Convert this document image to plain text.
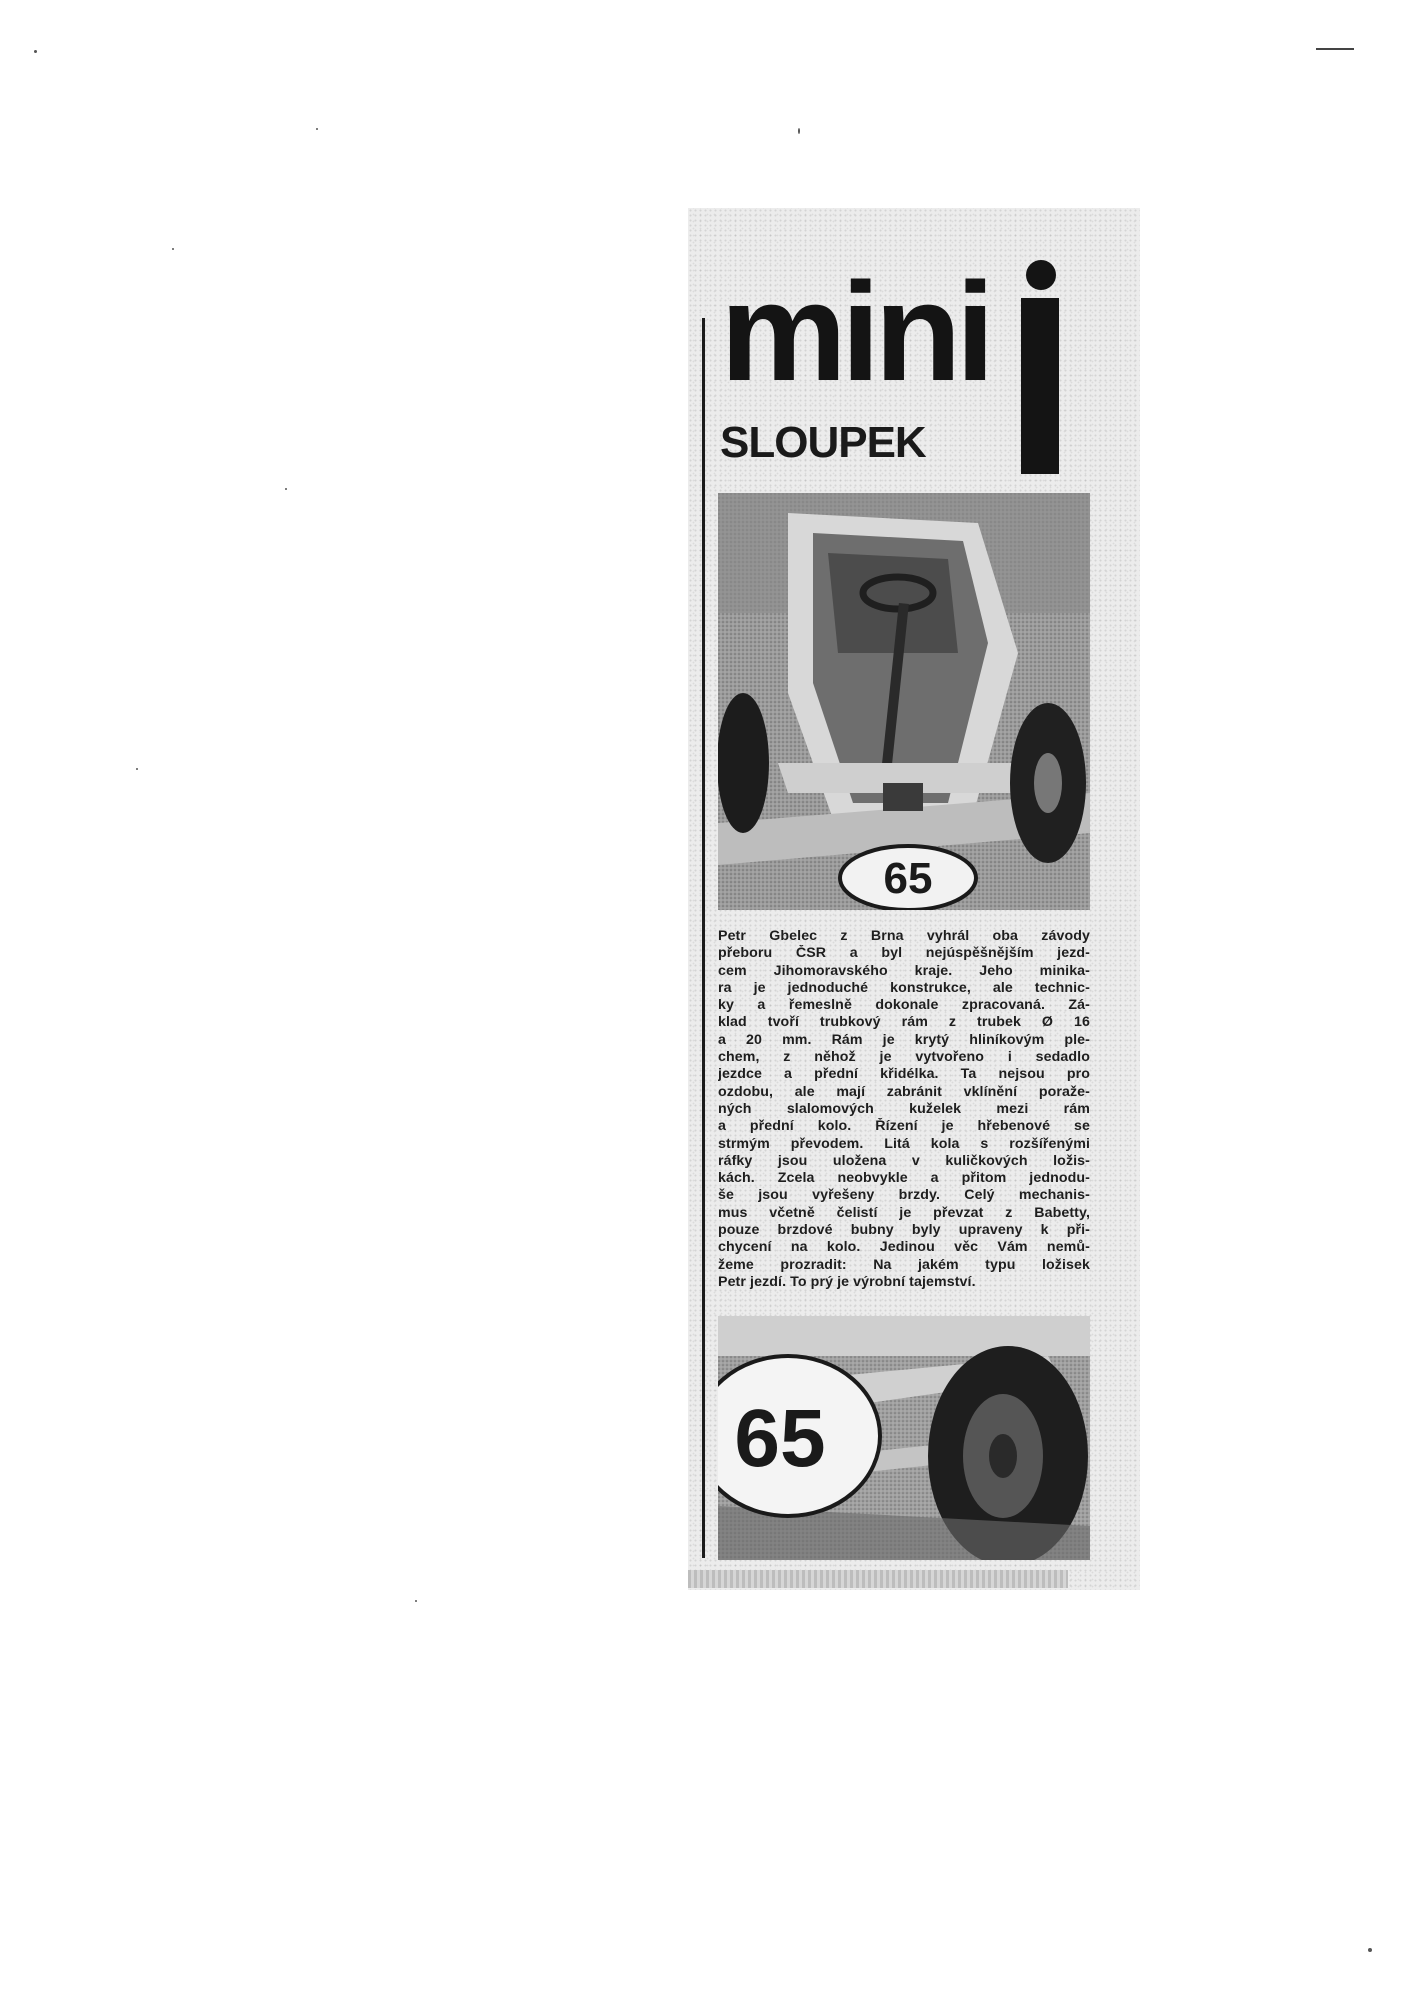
mini
SLOUPEK
65
Petr Gbelec z Brna vyhrál oba závody
přeboru ČSR a byl nejúspěšnějším jezd-
cem Jihomoravského kraje. Jeho minika-
ra je jednoduché konstrukce, ale technic-
ky a řemeslně dokonale zpracovaná. Zá-
klad tvoří trubkový rám z trubek Ø 16
a 20 mm. Rám je krytý hliníkovým ple-
chem, z něhož je vytvořeno i sedadlo
jezdce a přední křidélka. Ta nejsou pro
ozdobu, ale mají zabránit vklínění poraže-
ných slalomových kuželek mezi rám
a přední kolo. Řízení je hřebenové se
strmým převodem. Litá kola s rozšířenými
ráfky jsou uložena v kuličkových ložis-
kách. Zcela neobvykle a přitom jednodu-
še jsou vyřešeny brzdy. Celý mechanis-
mus včetně čelistí je převzat z Babetty,
pouze brzdové bubny byly upraveny k při-
chycení na kolo. Jedinou věc Vám nemů-
žeme prozradit: Na jakém typu ložisek
Petr jezdí. To prý je výrobní tajemství.
65
